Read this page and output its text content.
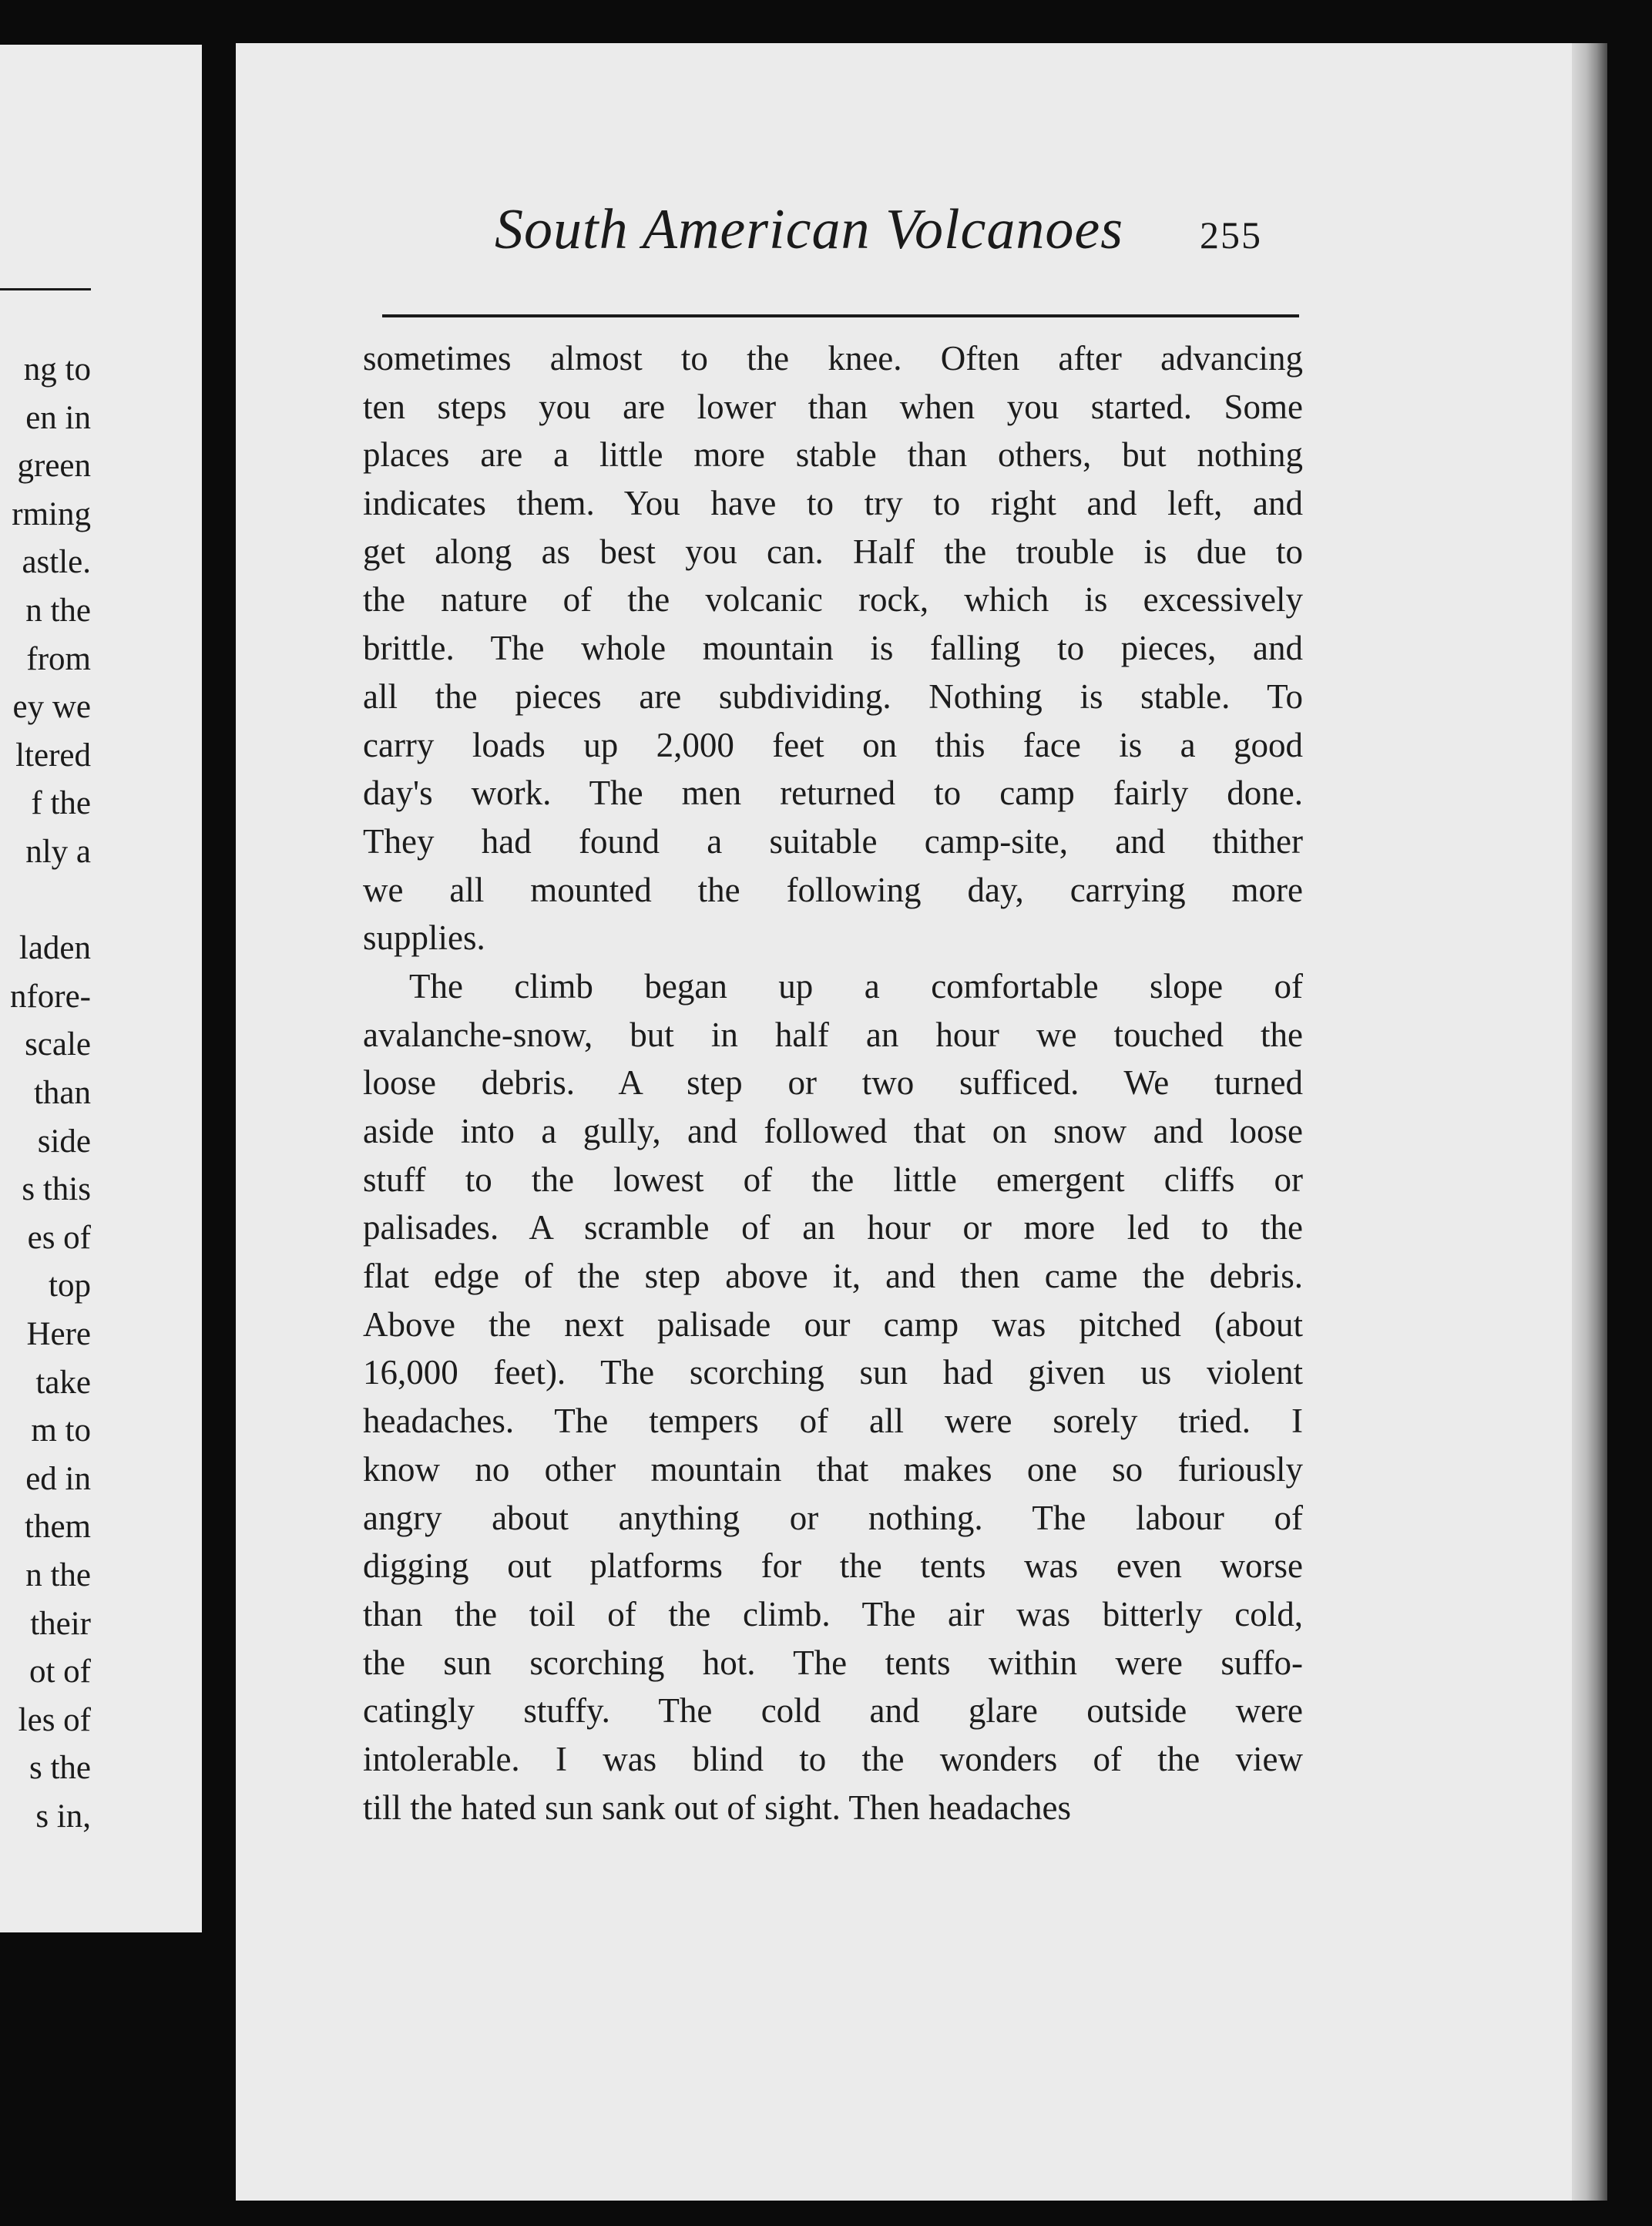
ng to
en in
green
rming
astle.
n the
from
ey we
ltered
f the
nly a
laden
nfore-
scale
than
side
s this
es of
top
Here
take
m to
ed in
them
n the
their
ot of
les of
s the
s in,
South American Volcanoes 255
sometimes almost to the knee. Often after advancing
ten steps you are lower than when you started. Some
places are a little more stable than others, but nothing
indicates them. You have to try to right and left, and
get along as best you can. Half the trouble is due to
the nature of the volcanic rock, which is excessively
brittle. The whole mountain is falling to pieces, and
all the pieces are subdividing. Nothing is stable. To
carry loads up 2,000 feet on this face is a good
day's work. The men returned to camp fairly done.
They had found a suitable camp-site, and thither
we all mounted the following day, carrying more
supplies.
The climb began up a comfortable slope of
avalanche-snow, but in half an hour we touched the
loose debris. A step or two sufficed. We turned
aside into a gully, and followed that on snow and loose
stuff to the lowest of the little emergent cliffs or
palisades. A scramble of an hour or more led to the
flat edge of the step above it, and then came the debris.
Above the next palisade our camp was pitched (about
16,000 feet). The scorching sun had given us violent
headaches. The tempers of all were sorely tried. I
know no other mountain that makes one so furiously
angry about anything or nothing. The labour of
digging out platforms for the tents was even worse
than the toil of the climb. The air was bitterly cold,
the sun scorching hot. The tents within were suffo-
catingly stuffy. The cold and glare outside were
intolerable. I was blind to the wonders of the view
till the hated sun sank out of sight. Then headaches
